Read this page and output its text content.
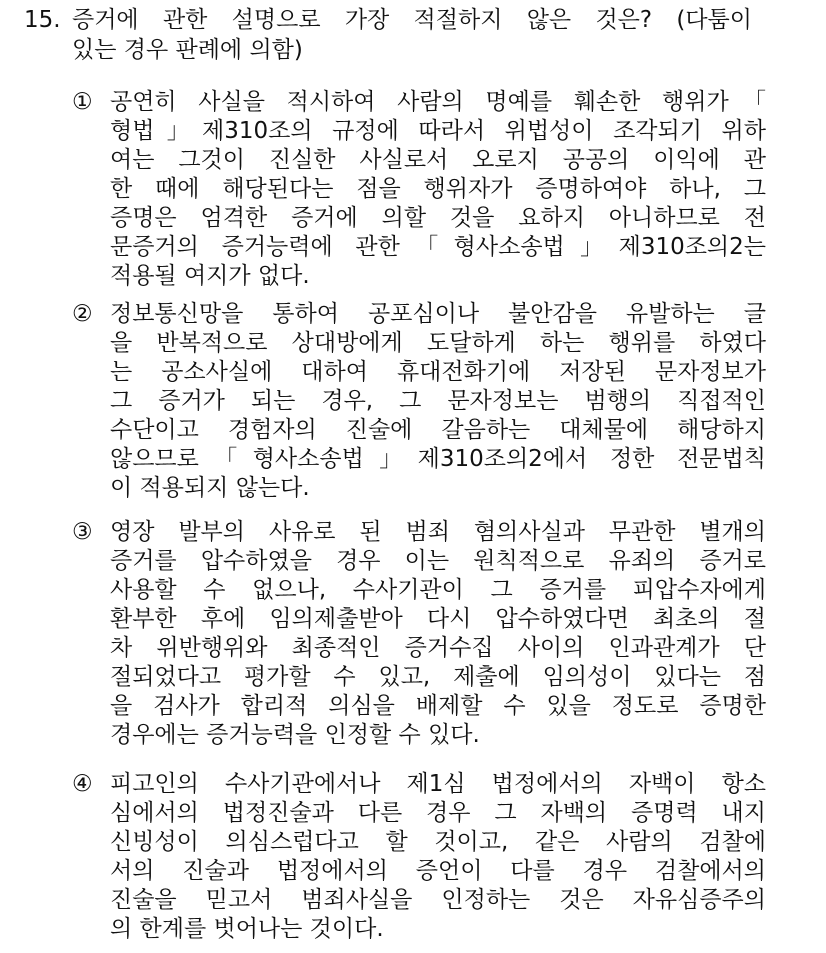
15. 증거에 관한 설명으로 가장 적절하지 않은 것은? (다툼이
있는 경우 판례에 의함)
① 공연히 사실을 적시하여 사람의 명예를 훼손한 행위가「
형법」제310조의 규정에 따라서 위법성이 조각되기 위하
여는 그것이 진실한 사실로서 오로지 공공의 이익에 관
한 때에 해당된다는 점을 행위자가 증명하여야 하나, 그
증명은 엄격한 증거에 의할 것을 요하지 아니하므로 전
문증거의 증거능력에 관한「형사소송법」제310조의2는
적용될 여지가 없다.
② 정보통신망을 통하여 공포심이나 불안감을 유발하는 글
을 반복적으로 상대방에게 도달하게 하는 행위를 하였다
는 공소사실에 대하여 휴대전화기에 저장된 문자정보가
그 증거가 되는 경우, 그 문자정보는 범행의 직접적인
수단이고 경험자의 진술에 갈음하는 대체물에 해당하지
않으므로「형사소송법」제310조의2에서 정한 전문법칙
이 적용되지 않는다.
③ 영장 발부의 사유로 된 범죄 혐의사실과 무관한 별개의
증거를 압수하였을 경우 이는 원칙적으로 유죄의 증거로
사용할 수 없으나, 수사기관이 그 증거를 피압수자에게
환부한 후에 임의제출받아 다시 압수하였다면 최초의 절
차 위반행위와 최종적인 증거수집 사이의 인과관계가 단
절되었다고 평가할 수 있고, 제출에 임의성이 있다는 점
을 검사가 합리적 의심을 배제할 수 있을 정도로 증명한
경우에는 증거능력을 인정할 수 있다.
④ 피고인의 수사기관에서나 제1심 법정에서의 자백이 항소
심에서의 법정진술과 다른 경우 그 자백의 증명력 내지
신빙성이 의심스럽다고 할 것이고, 같은 사람의 검찰에
서의 진술과 법정에서의 증언이 다를 경우 검찰에서의
진술을 믿고서 범죄사실을 인정하는 것은 자유심증주의
의 한계를 벗어나는 것이다.
